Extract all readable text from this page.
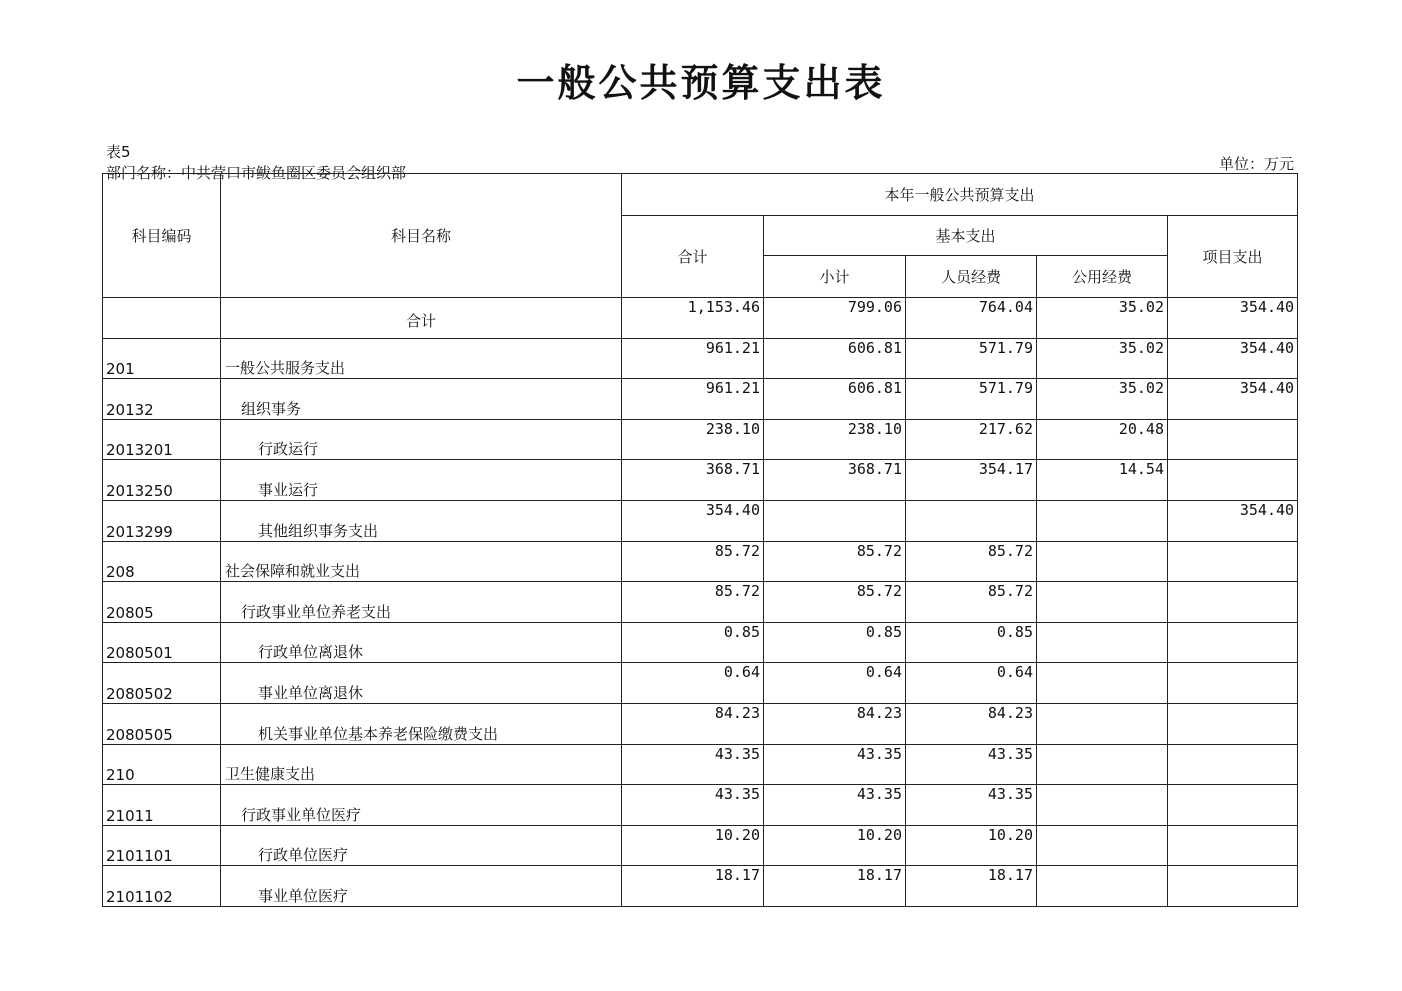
一般公共预算支出表
表5
部门名称：中共营口市鲅鱼圈区委员会组织部	单位：万元
科目编码	科目名称	本年一般公共预算支出				
		合计	基本支出			项目支出
			小计	人员经费	公用经费	
	合计	1,153.46	799.06	764.04	35.02	354.40
201	一般公共服务支出	961.21	606.81	571.79	35.02	354.40
20132	组织事务	961.21	606.81	571.79	35.02	354.40
2013201	行政运行	238.10	238.10	217.62	20.48	
2013250	事业运行	368.71	368.71	354.17	14.54	
2013299	其他组织事务支出	354.40				354.40
208	社会保障和就业支出	85.72	85.72	85.72		
20805	行政事业单位养老支出	85.72	85.72	85.72		
2080501	行政单位离退休	0.85	0.85	0.85		
2080502	事业单位离退休	0.64	0.64	0.64		
2080505	机关事业单位基本养老保险缴费支出	84.23	84.23	84.23		
210	卫生健康支出	43.35	43.35	43.35		
21011	行政事业单位医疗	43.35	43.35	43.35		
2101101	行政单位医疗	10.20	10.20	10.20		
2101102	事业单位医疗	18.17	18.17	18.17		
